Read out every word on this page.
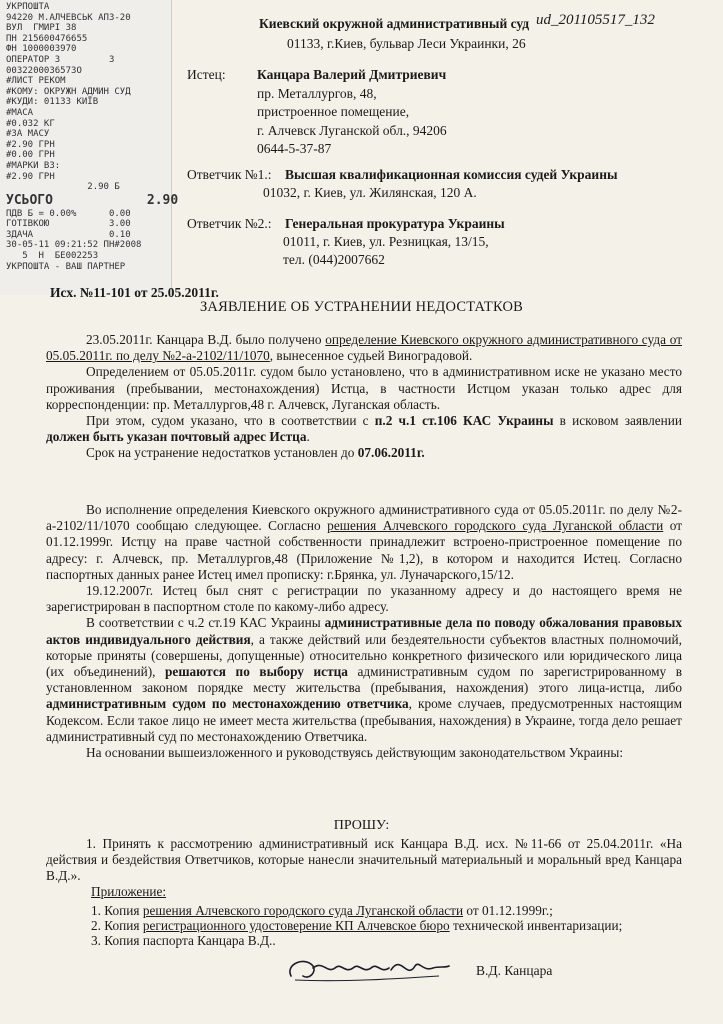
УКРПОШТА
94220 М.АЛЧЕВСЬК АПЗ-20
ВУЛ  ГМИРІ 38
ПН 215600476655
ФН 1000003970
ОПЕРАТОР 3         3
0032200036573О
#ЛИСТ РЕКОМ
#КОМУ: ОКРУЖН АДМИН СУД
#КУДИ: 01133 КИЇВ
#МАСА
#0.032 КГ
#ЗА МАСУ
#2.90 ГРН
#0.00 ГРН
#МАРКИ ВЗ:
#2.90 ГРН
2.90 Б
УСЬОГО	2.90
ПДВ Б = 0.00%      0.00
ГОТІВКОЮ           3.00
ЗДАЧА              0.10
30-05-11 09:21:52 ПН#2008
5  Н  БЕ002253
УКРПОШТА - ВАШ ПАРТНЕР
ud_201105517_132
Киевский окружной административный суд
01133, г.Киев, бульвар Леси Украинки, 26
Истец: Канцара Валерий Дмитриевич
пр. Металлургов, 48,
пристроенное помещение,
г. Алчевск Луганской обл., 94206
0644-5-37-87
Ответчик №1.: Высшая квалификационная комиссия судей Украины
01032, г. Киев, ул. Жилянская, 120 А.
Ответчик №2.: Генеральная прокуратура Украины
01011, г. Киев, ул. Резницкая, 13/15,
тел. (044)2007662
Исх. №11-101 от 25.05.2011г.
ЗАЯВЛЕНИЕ ОБ УСТРАНЕНИИ НЕДОСТАТКОВ

23.05.2011г. Канцара В.Д. было получено определение Киевского окружного административного суда от 05.05.2011г. по делу №2-а-2102/11/1070, вынесенное судьей Виноградовой.

Определением от 05.05.2011г. судом было установлено, что в административном иске не указано место проживания (пребывании, местонахождения) Истца, в частности Истцом указан только адрес для корреспонденции: пр. Металлургов,48 г. Алчевск, Луганская область.

При этом, судом указано, что в соответствии с п.2 ч.1 ст.106 КАС Украины в исковом заявлении должен быть указан почтовый адрес Истца.

Срок на устранение недостатков установлен до 07.06.2011г.

Во исполнение определения Киевского окружного административного суда от 05.05.2011г. по делу №2-а-2102/11/1070 сообщаю следующее. Согласно решения Алчевского городского суда Луганской области от 01.12.1999г. Истцу на праве частной собственности принадлежит встроено-пристроенное помещение по адресу: г. Алчевск, пр. Металлургов,48 (Приложение №1,2), в котором и находится Истец. Согласно паспортных данных ранее Истец имел прописку: г.Брянка, ул. Луначарского,15/12.

19.12.2007г. Истец был снят с регистрации по указанному адресу и до настоящего время не зарегистрирован в паспортном столе по какому-либо адресу.

В соответствии с ч.2 ст.19 КАС Украины административные дела по поводу обжалования правовых актов индивидуального действия, а также действий или бездеятельности субъектов властных полномочий, которые приняты (совершены, допущенные) относительно конкретного физического или юридического лица (их объединений), решаются по выбору истца административным судом по зарегистрированному в установленном законом порядке месту жительства (пребывания, нахождения) этого лица-истца, либо административным судом по местонахождению ответчика, кроме случаев, предусмотренных настоящим Кодексом. Если такое лицо не имеет места жительства (пребывания, нахождения) в Украине, тогда дело решает административный суд по местонахождению Ответчика.

На основании вышеизложенного и руководствуясь действующим законодательством Украины:

ПРОШУ:

1. Принять к рассмотрению административный иск Канцара В.Д. исх. №11-66 от 25.04.2011г. «На действия и бездействия Ответчиков, которые нанесли значительный материальный и моральный вред Канцара В.Д.».

Приложение:
1. Копия решения Алчевского городского суда Луганской области от 01.12.1999г.;
2. Копия регистрационного удостоверение КП Алчевское бюро технической инвентаризации;
3. Копия паспорта Канцара В.Д..
В.Д. Канцара
